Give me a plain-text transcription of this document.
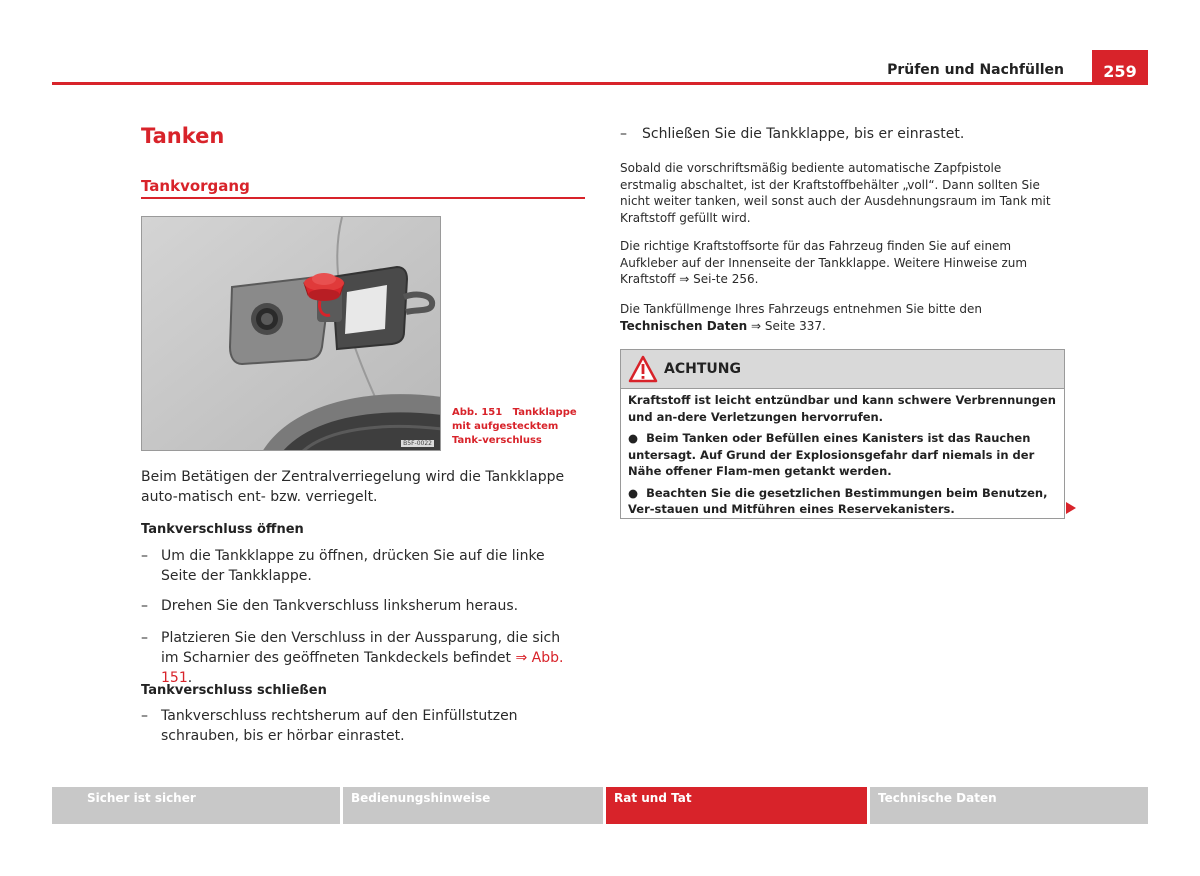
Prüfen und Nachfüllen	259
Tanken
Tankvorgang
B5F-0022
Abb. 151 Tankklappe mit aufgestecktem Tank-verschluss

Beim Betätigen der Zentralverriegelung wird die Tankklappe auto-matisch ent- bzw. verriegelt.

Tankverschluss öffnen

– Um die Tankklappe zu öffnen, drücken Sie auf die linke Seite der Tankklappe.
– Drehen Sie den Tankverschluss linksherum heraus.
– Platzieren Sie den Verschluss in der Aussparung, die sich im Scharnier des geöffneten Tankdeckels befindet ⇒ Abb. 151.

Tankverschluss schließen

– Tankverschluss rechtsherum auf den Einfüllstutzen schrauben, bis er hörbar einrastet.
– Schließen Sie die Tankklappe, bis er einrastet.

Sobald die vorschriftsmäßig bediente automatische Zapfpistole erstmalig abschaltet, ist der Kraftstoffbehälter „voll“. Dann sollten Sie nicht weiter tanken, weil sonst auch der Ausdehnungsraum im Tank mit Kraftstoff gefüllt wird.

Die richtige Kraftstoffsorte für das Fahrzeug finden Sie auf einem Aufkleber auf der Innenseite der Tankklappe. Weitere Hinweise zum Kraftstoff ⇒ Sei-te 256.

Die Tankfüllmenge Ihres Fahrzeugs entnehmen Sie bitte den Technischen Daten ⇒ Seite 337.

ACHTUNG

Kraftstoff ist leicht entzündbar und kann schwere Verbrennungen und an-dere Verletzungen hervorrufen.

● Beim Tanken oder Befüllen eines Kanisters ist das Rauchen untersagt. Auf Grund der Explosionsgefahr darf niemals in der Nähe offener Flam-men getankt werden.

● Beachten Sie die gesetzlichen Bestimmungen beim Benutzen, Ver-stauen und Mitführen eines Reservekanisters.

Sicher ist sicher	Bedienungshinweise	Rat und Tat	Technische Daten
